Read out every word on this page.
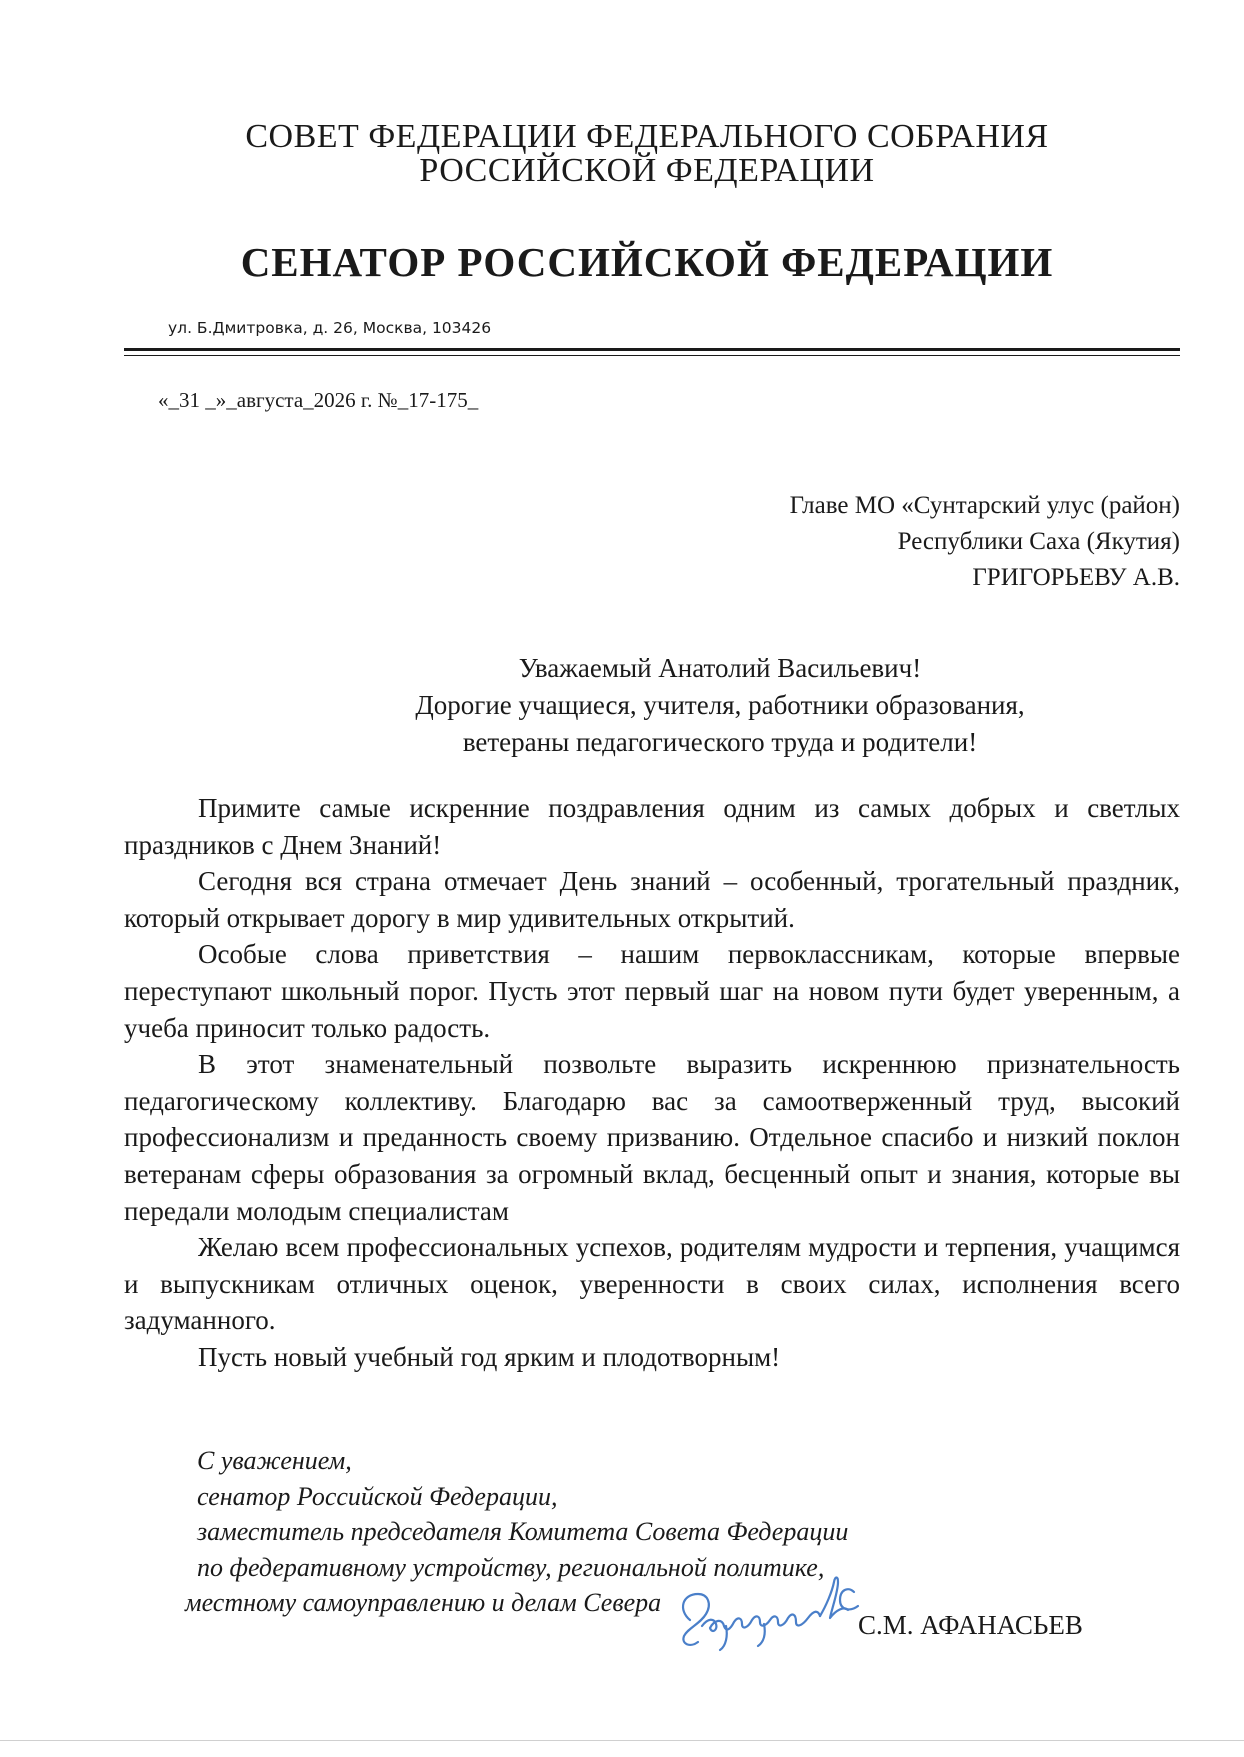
СОВЕТ ФЕДЕРАЦИИ ФЕДЕРАЛЬНОГО СОБРАНИЯ
РОССИЙСКОЙ ФЕДЕРАЦИИ
СЕНАТОР РОССИЙСКОЙ ФЕДЕРАЦИИ
ул. Б.Дмитровка, д. 26, Москва, 103426
«_31 _»_августа_2026 г. №_17-175_
Главе МО «Сунтарский улус (район)
Республики Саха (Якутия)
ГРИГОРЬЕВУ А.В.
Уважаемый Анатолий Васильевич!
Дорогие учащиеся, учителя, работники образования,
ветераны педагогического труда и родители!

Примите самые искренние поздравления одним из самых добрых и светлых праздников с Днем Знаний!

Сегодня вся страна отмечает День знаний – особенный, трогательный праздник, который открывает дорогу в мир удивительных открытий.

Особые слова приветствия – нашим первоклассникам, которые впервые переступают школьный порог. Пусть этот первый шаг на новом пути будет уверенным, а учеба приносит только радость.

В этот знаменательный позвольте выразить искреннюю признательность педагогическому коллективу. Благодарю вас за самоотверженный труд, высокий профессионализм и преданность своему призванию. Отдельное спасибо и низкий поклон ветеранам сферы образования за огромный вклад, бесценный опыт и знания, которые вы передали молодым специалистам

Желаю всем профессиональных успехов, родителям мудрости и терпения, учащимся и выпускникам отличных оценок, уверенности в своих силах, исполнения всего задуманного.

Пусть новый учебный год ярким и плодотворным!

С уважением,
сенатор Российской Федерации,
заместитель председателя Комитета Совета Федерации
по федеративному устройству, региональной политике,
местному самоуправлению и делам Севера
С.М. АФАНАСЬЕВ
